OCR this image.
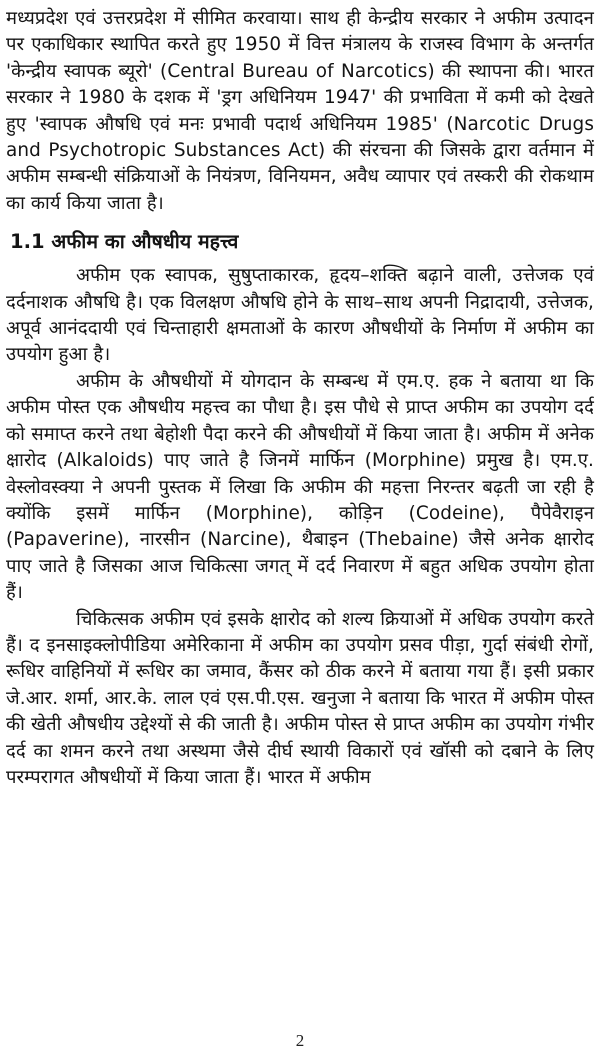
मध्यप्रदेश एवं उत्तरप्रदेश में सीमित करवाया। साथ ही केन्द्रीय सरकार ने अफीम उत्पादन पर एकाधिकार स्थापित करते हुए 1950 में वित्त मंत्रालय के राजस्व विभाग के अन्तर्गत 'केन्द्रीय स्वापक ब्यूरो' (Central Bureau of Narcotics) की स्थापना की। भारत सरकार ने 1980 के दशक में 'ड्रग अधिनियम 1947' की प्रभाविता में कमी को देखते हुए 'स्वापक औषधि एवं मनः प्रभावी पदार्थ अधिनियम 1985' (Narcotic Drugs and Psychotropic Substances Act) की संरचना की जिसके द्वारा वर्तमान में अफीम सम्बन्धी संक्रियाओं के नियंत्रण, विनियमन, अवैध व्यापार एवं तस्करी की रोकथाम का कार्य किया जाता है।

1.1 अफीम का औषधीय महत्त्व

अफीम एक स्वापक, सुषुप्ताकारक, हृदय–शक्ति बढ़ाने वाली, उत्तेजक एवं दर्दनाशक औषधि है। एक विलक्षण औषधि होने के साथ–साथ अपनी निद्रादायी, उत्तेजक, अपूर्व आनंददायी एवं चिन्ताहारी क्षमताओं के कारण औषधीयों के निर्माण में अफीम का उपयोग हुआ है।

अफीम के औषधीयों में योगदान के सम्बन्ध में एम.ए. हक ने बताया था कि अफीम पोस्त एक औषधीय महत्त्व का पौधा है। इस पौधे से प्राप्त अफीम का उपयोग दर्द को समाप्त करने तथा बेहोशी पैदा करने की औषधीयों में किया जाता है। अफीम में अनेक क्षारोद (Alkaloids) पाए जाते है जिनमें मार्फिन (Morphine) प्रमुख है। एम.ए. वेस्लोवस्क्या ने अपनी पुस्तक में लिखा कि अफीम की महत्ता निरन्तर बढ़ती जा रही है क्योंकि इसमें मार्फिन (Morphine), कोड़िन (Codeine), पैपेवैराइन (Papaverine), नारसीन (Narcine), थैबाइन (Thebaine) जैसे अनेक क्षारोद पाए जाते है जिसका आज चिकित्सा जगत् में दर्द निवारण में बहुत अधिक उपयोग होता हैं।

चिकित्सक अफीम एवं इसके क्षारोद को शल्य क्रियाओं में अधिक उपयोग करते हैं। द इनसाइक्लोपीडिया अमेरिकाना में अफीम का उपयोग प्रसव पीड़ा, गुर्दा संबंधी रोगों, रूधिर वाहिनियों में रूधिर का जमाव, कैंसर को ठीक करने में बताया गया हैं। इसी प्रकार जे.आर. शर्मा, आर.के. लाल एवं एस.पी.एस. खनुजा ने बताया कि भारत में अफीम पोस्त की खेती औषधीय उद्देश्यों से की जाती है। अफीम पोस्त से प्राप्त अफीम का उपयोग गंभीर दर्द का शमन करने तथा अस्थमा जैसे दीर्घ स्थायी विकारों एवं खॉसी को दबाने के लिए परम्परागत औषधीयों में किया जाता हैं। भारत में अफीम

2
